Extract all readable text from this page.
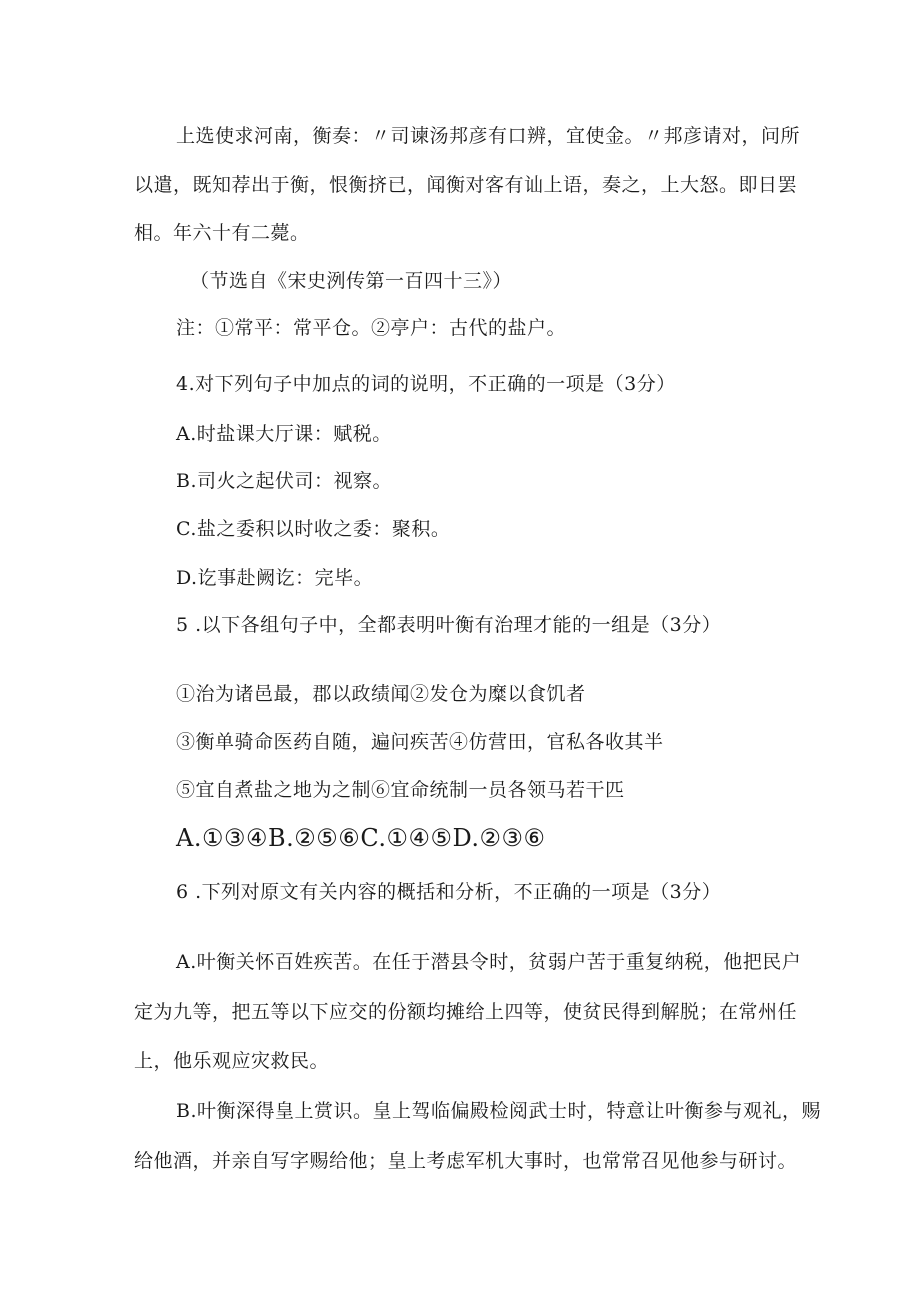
上选使求河南，衡奏：〃司谏汤邦彦有口辨，宜使金。〃邦彦请对，问所
以遣，既知荐出于衡，恨衡挤已，闻衡对客有讪上语，奏之，上大怒。即日罢
相。年六十有二薨。
（节选自《宋史洌传第一百四十三》）
注：①常平：常平仓。②亭户：古代的盐户。
4.对下列句子中加点的词的说明，不正确的一项是（3分）
A.时盐课大厅课：赋税。
B.司火之起伏司：视察。
C.盐之委积以时收之委：聚积。
D.讫事赴阙讫：完毕。
5 .以下各组句子中，全都表明叶衡有治理才能的一组是（3分）
①治为诸邑最，郡以政绩闻②发仓为糜以食饥者
③衡单骑命医药自随，遍问疾苦④仿营田，官私各收其半
⑤宜自煮盐之地为之制⑥宜命统制一员各领马若干匹
A.①③④B.②⑤⑥C.①④⑤D.②③⑥
6 .下列对原文有关内容的概括和分析，不正确的一项是（3分）
A.叶衡关怀百姓疾苦。在任于潜县令时，贫弱户苦于重复纳税，他把民户
定为九等，把五等以下应交的份额均摊给上四等，使贫民得到解脱；在常州任
上，他乐观应灾救民。
B.叶衡深得皇上赏识。皇上驾临偏殿检阅武士时，特意让叶衡参与观礼，赐
给他酒，并亲自写字赐给他；皇上考虑军机大事时，也常常召见他参与研讨。
